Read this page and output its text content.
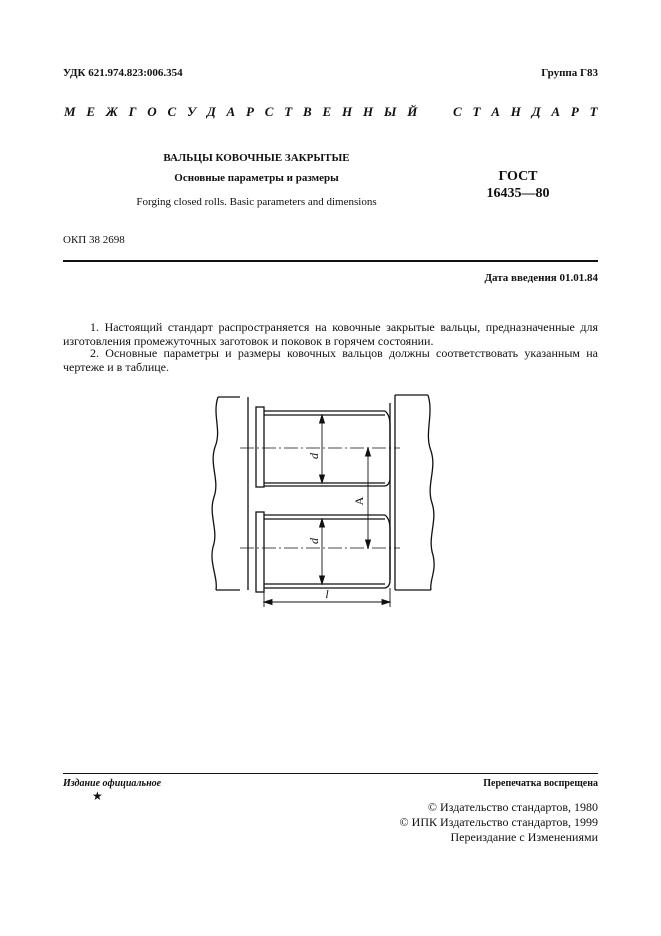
УДК 621.974.823:006.354	Группа Г83
М Е Ж Г О С У Д А Р С Т В Е Н Н Ы Й	С Т А Н Д А Р Т
ВАЛЬЦЫ КОВОЧНЫЕ ЗАКРЫТЫЕ
Основные параметры и размеры
Forging closed rolls. Basic parameters and dimensions
ГОСТ
16435—80
ОКП 38 2698
Дата введения 01.01.84
1. Настоящий стандарт распространяется на ковочные закрытые вальцы, предназначенные для изготовления промежуточных заготовок и поковок в горячем состоянии.
2. Основные параметры и размеры ковочных вальцов должны соответствовать указанным на чертеже и в таблице.
d
d
A
l
Издание официальное
★
Перепечатка воспрещена
© Издательство стандартов, 1980
© ИПК Издательство стандартов, 1999
Переиздание с Изменениями
